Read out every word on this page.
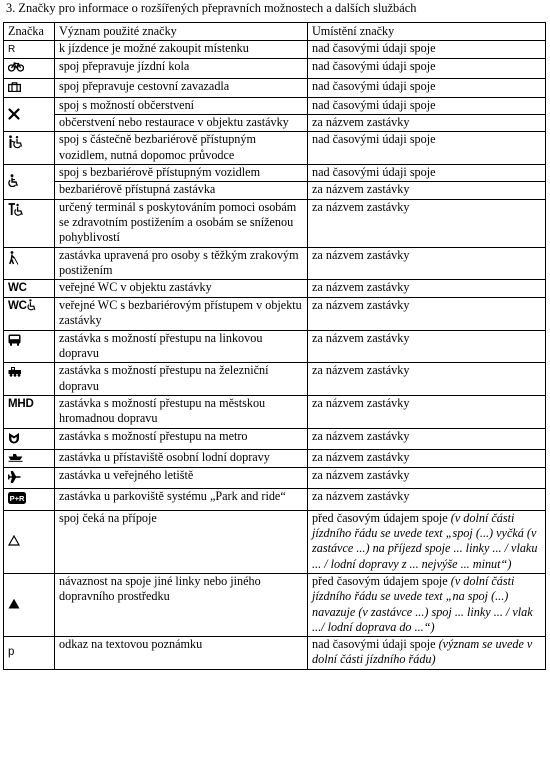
3. Značky pro informace o rozšířených přepravních možnostech a dalších službách
Značka	Význam použité značky	Umístění značky
R	k jízdence je možné zakoupit místenku	nad časovými údaji spoje

	spoj přepravuje jízdní kola	nad časovými údaji spoje

	spoj přepravuje cestovní zavazadla	nad časovými údaji spoje

	spoj s možností občerstvení	nad časovými údaji spoje
	občerstvení nebo restaurace v objektu zastávky	za názvem zastávky

	spoj s částečně bezbariérově přístupným vozidlem, nutná dopomoc průvodce	nad časovými údaji spoje

	spoj s bezbariérově přístupným vozidlem	nad časovými údaji spoje
	bezbariérově přístupná zastávka	za názvem zastávky

	určený terminál s poskytováním pomoci osobám se zdravotním postižením a osobám se sníženou pohyblivostí	za názvem zastávky

	zastávka upravená pro osoby s těžkým zrakovým postižením	za názvem zastávky
WC	veřejné WC v objektu zastávky	za názvem zastávky
WC	veřejné WC s bezbariérovým přístupem v objektu zastávky	za názvem zastávky

	zastávka s možností přestupu na linkovou dopravu	za názvem zastávky

	zastávka s možností přestupu na železniční dopravu	za názvem zastávky
MHD	zastávka s možností přestupu na městskou hromadnou dopravu	za názvem zastávky

	zastávka s možností přestupu na metro	za názvem zastávky

	zastávka u přístaviště osobní lodní dopravy	za názvem zastávky

	zastávka u veřejného letiště	za názvem zastávky

P+R	zastávka u parkoviště systému „Park and ride“	za názvem zastávky

	spoj čeká na přípoje	před časovým údajem spoje (v dolní části jízdního řádu se uvede text „spoj (...) vyčká (v zastávce ...) na příjezd spoje ... linky ... / vlaku ... / lodní dopravy z ... nejvýše ... minut“)

	návaznost na spoje jiné linky nebo jiného dopravního prostředku	před časovým údajem spoje (v dolní části jízdního řádu se uvede text „na spoj (...) navazuje (v zastávce ...) spoj ... linky ... / vlak .../ lodní doprava do ...“)
p	odkaz na textovou poznámku	nad časovými údaji spoje (význam se uvede v dolní části jízdního řádu)
